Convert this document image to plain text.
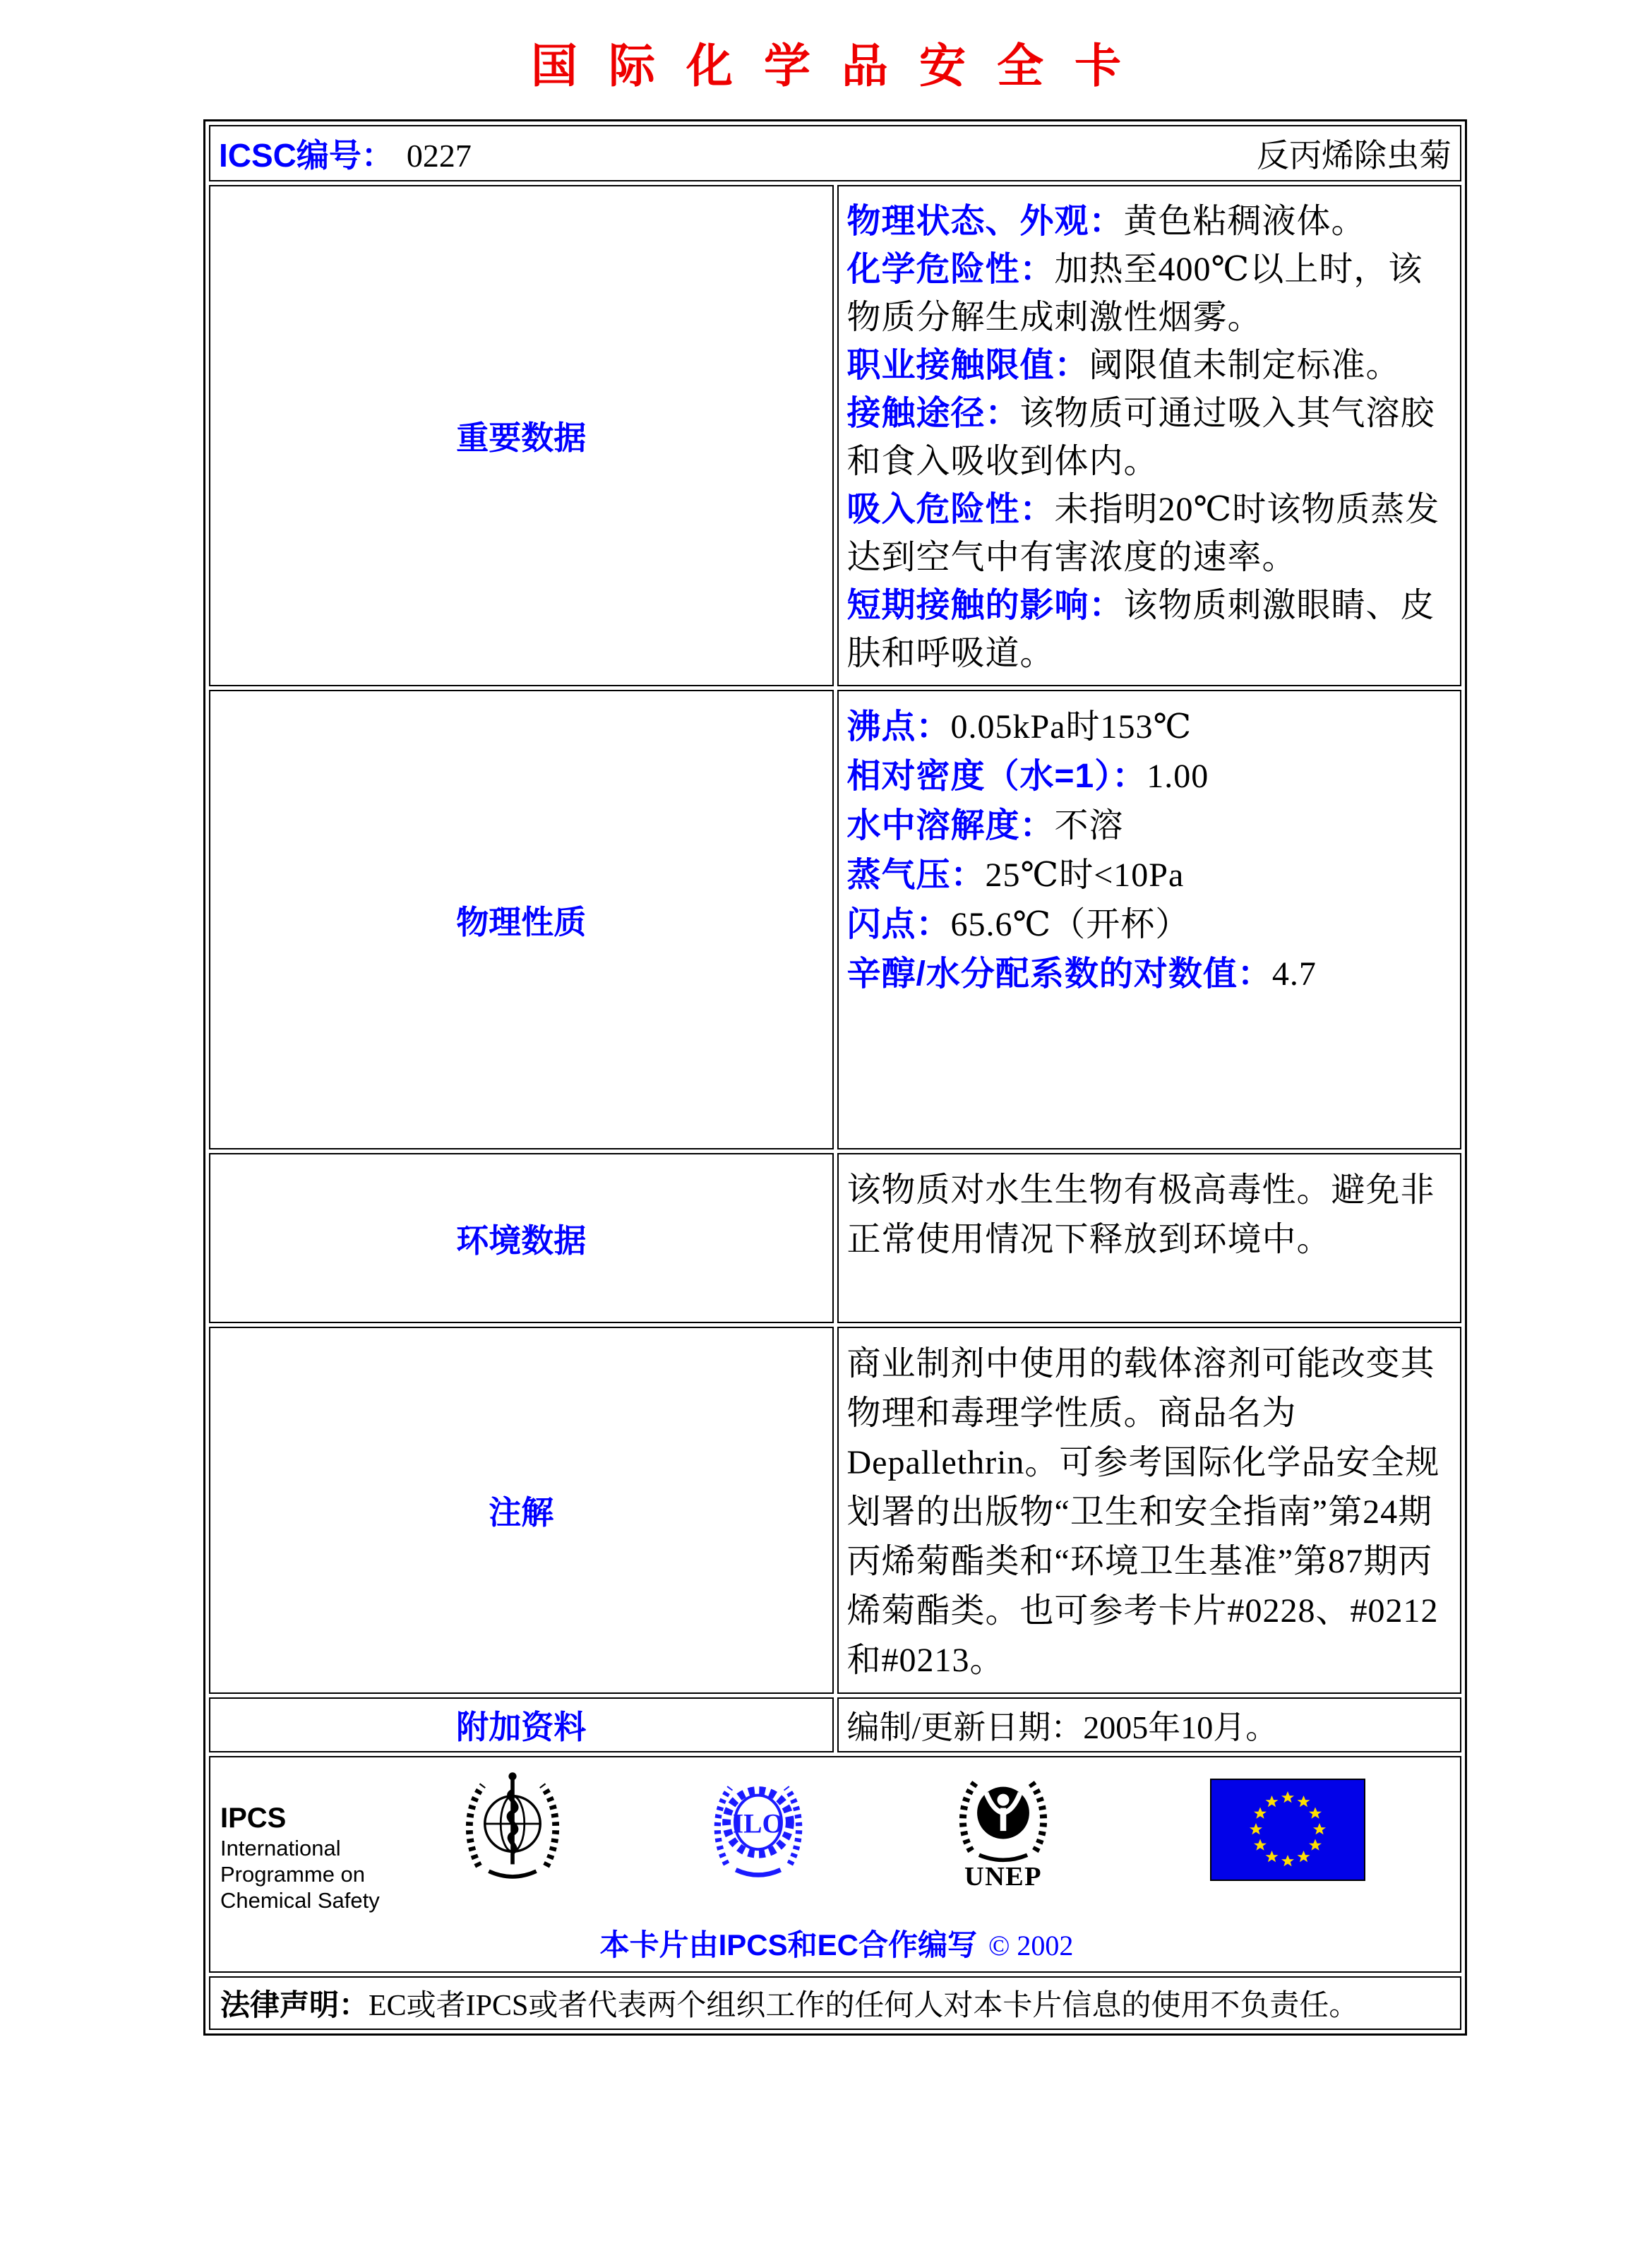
国际化学品安全卡
ICSC编号： 0227 反丙烯除虫菊	

重要数据	
物理状态、外观：黄色粘稠液体。
化学危险性：加热至400℃以上时，该物质分解生成刺激性烟雾。
职业接触限值：阈限值未制定标准。
接触途径：该物质可通过吸入其气溶胶和食入吸收到体内。
吸入危险性：未指明20℃时该物质蒸发达到空气中有害浓度的速率。
短期接触的影响：该物质刺激眼睛、皮肤和呼吸道。

物理性质	
沸点：0.05kPa时153℃
相对密度（水=1）：1.00
水中溶解度：不溶
蒸气压：25℃时<10Pa
闪点：65.6℃（开杯）
辛醇/水分配系数的对数值：4.7

环境数据	该物质对水生生物有极高毒性。避免非正常使用情况下释放到环境中。

注解	商业制剂中使用的载体溶剂可能改变其物理和毒理学性质。商品名为Depallethrin。可参考国际化学品安全规划署的出版物“卫生和安全指南”第24期丙烯菊酯类和“环境卫生基准”第87期丙烯菊酯类。也可参考卡片#0228、#0212和#0213。

附加资料	编制/更新日期：2005年10月。

IPCS
International
Programme on
Chemical Safety
ILO
UNEP
本卡片由IPCS和EC合作编写 © 2002

法律声明：EC或者IPCS或者代表两个组织工作的任何人对本卡片信息的使用不负责任。	
